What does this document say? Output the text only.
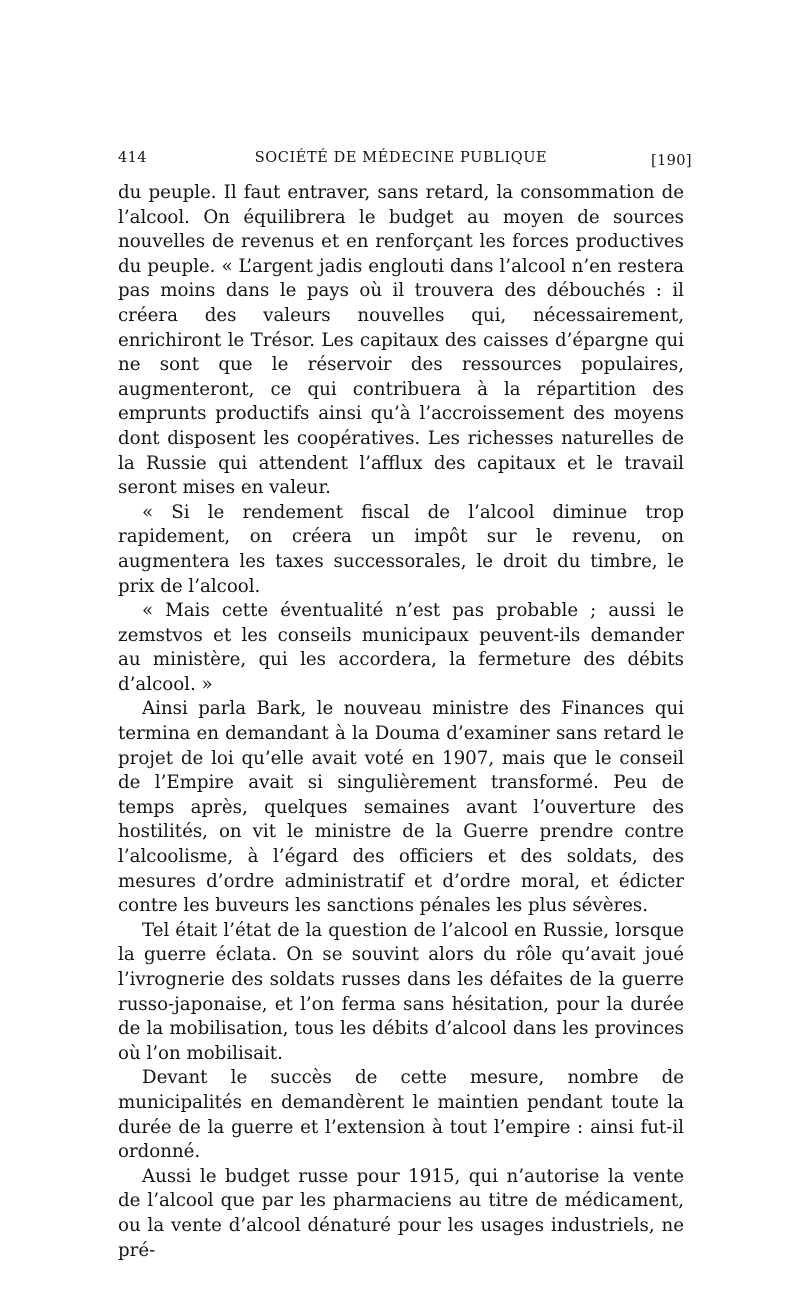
414	SOCIÉTÉ DE MÉDECINE PUBLIQUE	[190]

du peuple. Il faut entraver, sans retard, la consommation de l’alcool. On équilibrera le budget au moyen de sources nouvelles de revenus et en renforçant les forces productives du peuple. « L’argent jadis englouti dans l’alcool n’en restera pas moins dans le pays où il trouvera des débouchés : il créera des valeurs nouvelles qui, nécessairement, enrichiront le Trésor. Les capitaux des caisses d’épargne qui ne sont que le réservoir des ressources populaires, augmenteront, ce qui contribuera à la répartition des emprunts productifs ainsi qu’à l’accroissement des moyens dont disposent les coopératives. Les richesses naturelles de la Russie qui attendent l’afflux des capitaux et le travail seront mises en valeur.

« Si le rendement fiscal de l’alcool diminue trop rapidement, on créera un impôt sur le revenu, on augmentera les taxes successorales, le droit du timbre, le prix de l’alcool.

« Mais cette éventualité n’est pas probable ; aussi le zemstvos et les conseils municipaux peuvent-ils demander au ministère, qui les accordera, la fermeture des débits d’alcool. »

Ainsi parla Bark, le nouveau ministre des Finances qui termina en demandant à la Douma d’examiner sans retard le projet de loi qu’elle avait voté en 1907, mais que le conseil de l’Empire avait si singulièrement transformé. Peu de temps après, quelques semaines avant l’ouverture des hostilités, on vit le ministre de la Guerre prendre contre l’alcoolisme, à l’égard des officiers et des soldats, des mesures d’ordre administratif et d’ordre moral, et édicter contre les buveurs les sanctions pénales les plus sévères.

Tel était l’état de la question de l’alcool en Russie, lorsque la guerre éclata. On se souvint alors du rôle qu’avait joué l’ivrognerie des soldats russes dans les défaites de la guerre russo-japonaise, et l’on ferma sans hésitation, pour la durée de la mobilisation, tous les débits d’alcool dans les provinces où l’on mobilisait.

Devant le succès de cette mesure, nombre de municipalités en demandèrent le maintien pendant toute la durée de la guerre et l’extension à tout l’empire : ainsi fut-il ordonné.

Aussi le budget russe pour 1915, qui n’autorise la vente de l’alcool que par les pharmaciens au titre de médicament, ou la vente d’alcool dénaturé pour les usages industriels, ne pré-
